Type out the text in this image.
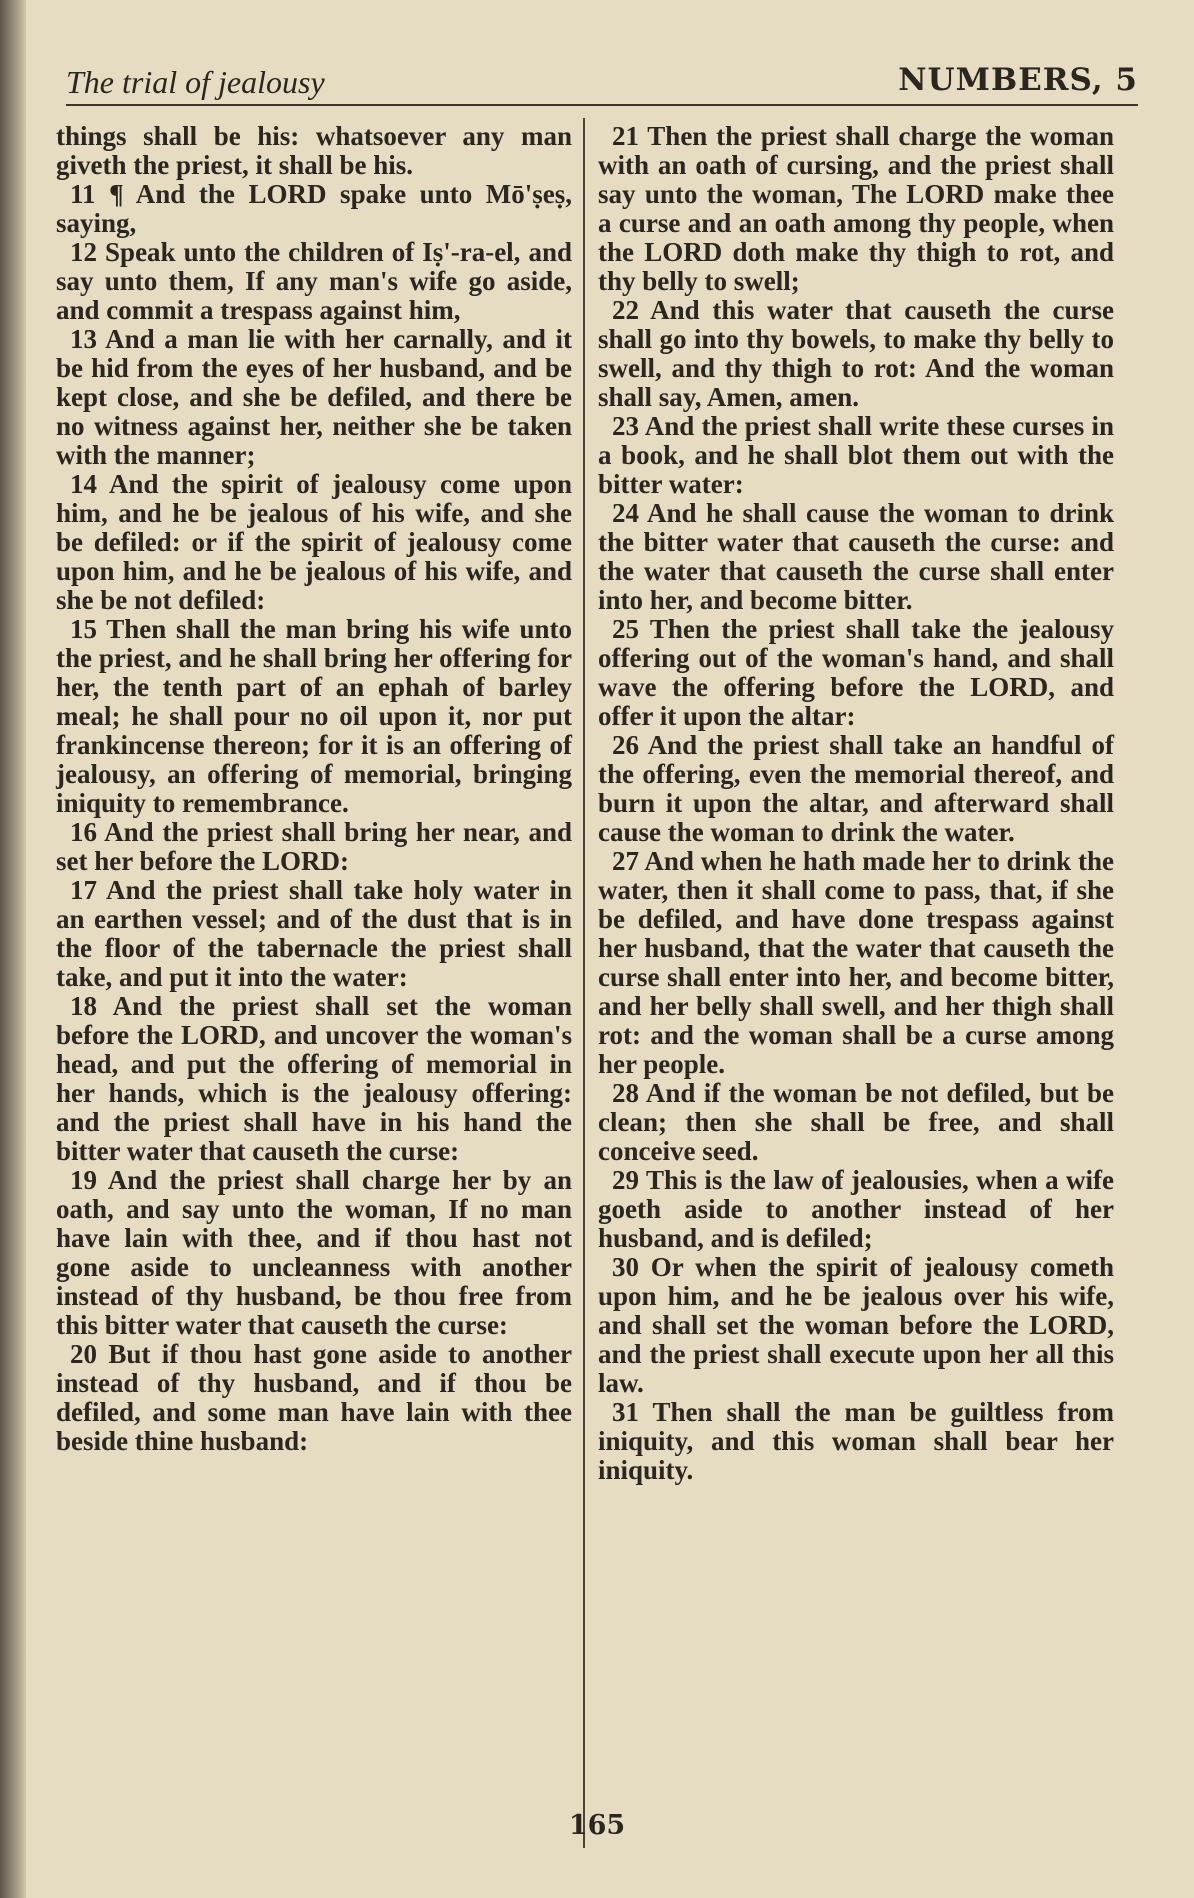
The trial of jealousy	NUMBERS, 5

things shall be his: whatsoever any man giveth the priest, it shall be his.

11 ¶ And the LORD spake unto Mō'ṣeṣ, saying,

12 Speak unto the children of Iṣ'-ra-el, and say unto them, If any man's wife go aside, and commit a trespass against him,

13 And a man lie with her carnally, and it be hid from the eyes of her husband, and be kept close, and she be defiled, and there be no witness against her, neither she be taken with the manner;

14 And the spirit of jealousy come upon him, and he be jealous of his wife, and she be defiled: or if the spirit of jealousy come upon him, and he be jealous of his wife, and she be not defiled:

15 Then shall the man bring his wife unto the priest, and he shall bring her offering for her, the tenth part of an ephah of barley meal; he shall pour no oil upon it, nor put frankincense thereon; for it is an offering of jealousy, an offering of memorial, bringing iniquity to remembrance.

16 And the priest shall bring her near, and set her before the LORD:

17 And the priest shall take holy water in an earthen vessel; and of the dust that is in the floor of the tabernacle the priest shall take, and put it into the water:

18 And the priest shall set the woman before the LORD, and uncover the woman's head, and put the offering of memorial in her hands, which is the jealousy offering: and the priest shall have in his hand the bitter water that causeth the curse:

19 And the priest shall charge her by an oath, and say unto the woman, If no man have lain with thee, and if thou hast not gone aside to uncleanness with another instead of thy husband, be thou free from this bitter water that causeth the curse:

20 But if thou hast gone aside to another instead of thy husband, and if thou be defiled, and some man have lain with thee beside thine husband:

21 Then the priest shall charge the woman with an oath of cursing, and the priest shall say unto the woman, The LORD make thee a curse and an oath among thy people, when the LORD doth make thy thigh to rot, and thy belly to swell;

22 And this water that causeth the curse shall go into thy bowels, to make thy belly to swell, and thy thigh to rot: And the woman shall say, Amen, amen.

23 And the priest shall write these curses in a book, and he shall blot them out with the bitter water:

24 And he shall cause the woman to drink the bitter water that causeth the curse: and the water that causeth the curse shall enter into her, and become bitter.

25 Then the priest shall take the jealousy offering out of the woman's hand, and shall wave the offering before the LORD, and offer it upon the altar:

26 And the priest shall take an handful of the offering, even the memorial thereof, and burn it upon the altar, and afterward shall cause the woman to drink the water.

27 And when he hath made her to drink the water, then it shall come to pass, that, if she be defiled, and have done trespass against her husband, that the water that causeth the curse shall enter into her, and become bitter, and her belly shall swell, and her thigh shall rot: and the woman shall be a curse among her people.

28 And if the woman be not defiled, but be clean; then she shall be free, and shall conceive seed.

29 This is the law of jealousies, when a wife goeth aside to another instead of her husband, and is defiled;

30 Or when the spirit of jealousy cometh upon him, and he be jealous over his wife, and shall set the woman before the LORD, and the priest shall execute upon her all this law.

31 Then shall the man be guiltless from iniquity, and this woman shall bear her iniquity.

165
